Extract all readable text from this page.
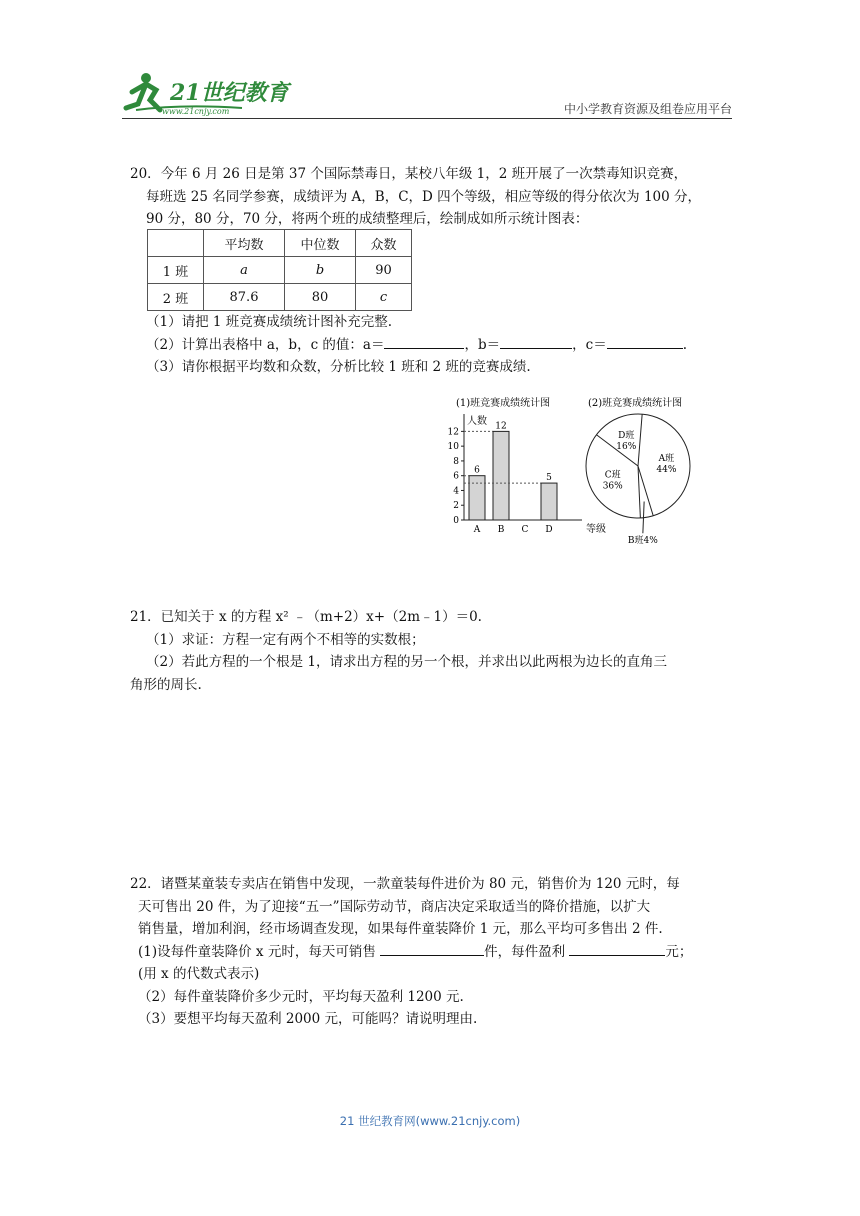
21世纪教育
www.21cnjy.com	中小学教育资源及组卷应用平台
20．今年 6 月 26 日是第 37 个国际禁毒日，某校八年级 1，2 班开展了一次禁毒知识竞赛，
每班选 25 名同学参赛，成绩评为 A，B，C，D 四个等级，相应等级的得分依次为 100 分，
90 分，80 分，70 分，将两个班的成绩整理后，绘制成如所示统计图表：
	平均数	中位数	众数
1 班	a	b	90
2 班	87.6	80	c
（1）请把 1 班竞赛成绩统计图补充完整.
（2）计算出表格中 a，b，c 的值：a＝	，b＝	，c＝	.
（3）请你根据平均数和众数，分析比较 1 班和 2 班的竞赛成绩.
(1)班竞赛成绩统计图	(2)班竞赛成绩统计图
人数
等级
0
2
4
6
8
10
12
A
6
B
12
C D
5
A班
44%
B班4%
C班
36%
D班
16%
21．已知关于 x 的方程 x² ﹣（m+2）x+（2m﹣1）＝0.
（1）求证：方程一定有两个不相等的实数根；
（2）若此方程的一个根是 1，请求出方程的另一个根，并求出以此两根为边长的直角三
角形的周长.
22．诸暨某童装专卖店在销售中发现，一款童装每件进价为 80 元，销售价为 120 元时，每
天可售出 20 件，为了迎接“五一”国际劳动节，商店决定采取适当的降价措施，以扩大
销售量，增加利润，经市场调查发现，如果每件童装降价 1 元，那么平均可多售出 2 件.
(1)设每件童装降价 x 元时，每天可销售	件，每件盈利	元；
(用 x 的代数式表示)
（2）每件童装降价多少元时，平均每天盈利 1200 元.
（3）要想平均每天盈利 2000 元，可能吗？请说明理由.
21 世纪教育网(www.21cnjy.com)
